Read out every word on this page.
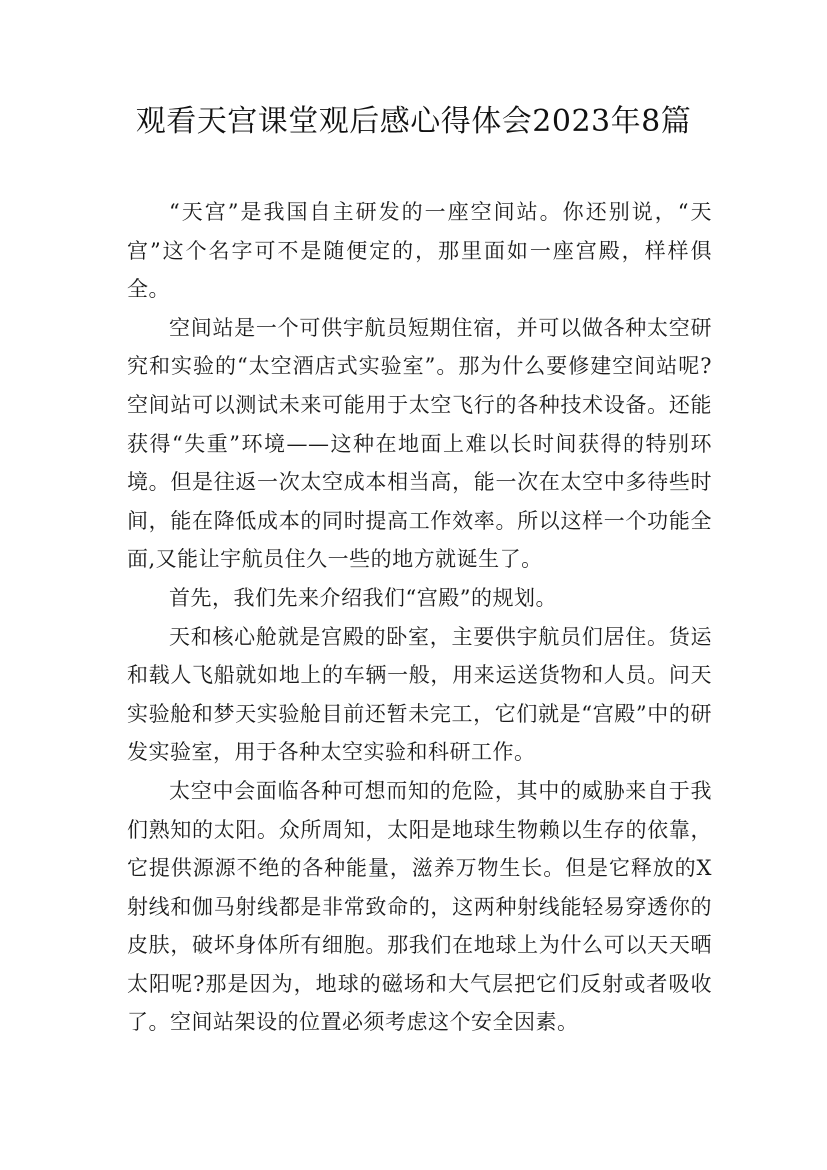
观看天宫课堂观后感心得体会2023年8篇

“天宫”是我国自主研发的一座空间站。你还别说，“天宫”这个名字可不是随便定的，那里面如一座宫殿，样样俱全。

空间站是一个可供宇航员短期住宿，并可以做各种太空研究和实验的“太空酒店式实验室”。那为什么要修建空间站呢?空间站可以测试未来可能用于太空飞行的各种技术设备。还能获得“失重”环境——这种在地面上难以长时间获得的特别环境。但是往返一次太空成本相当高，能一次在太空中多待些时间，能在降低成本的同时提高工作效率。所以这样一个功能全面,又能让宇航员住久一些的地方就诞生了。

首先，我们先来介绍我们“宫殿”的规划。

天和核心舱就是宫殿的卧室，主要供宇航员们居住。货运和载人飞船就如地上的车辆一般，用来运送货物和人员。问天实验舱和梦天实验舱目前还暂未完工，它们就是“宫殿”中的研发实验室，用于各种太空实验和科研工作。

太空中会面临各种可想而知的危险，其中的威胁来自于我们熟知的太阳。众所周知，太阳是地球生物赖以生存的依靠，它提供源源不绝的各种能量，滋养万物生长。但是它释放的X射线和伽马射线都是非常致命的，这两种射线能轻易穿透你的皮肤，破坏身体所有细胞。那我们在地球上为什么可以天天晒太阳呢?那是因为，地球的磁场和大气层把它们反射或者吸收了。空间站架设的位置必须考虑这个安全因素。
